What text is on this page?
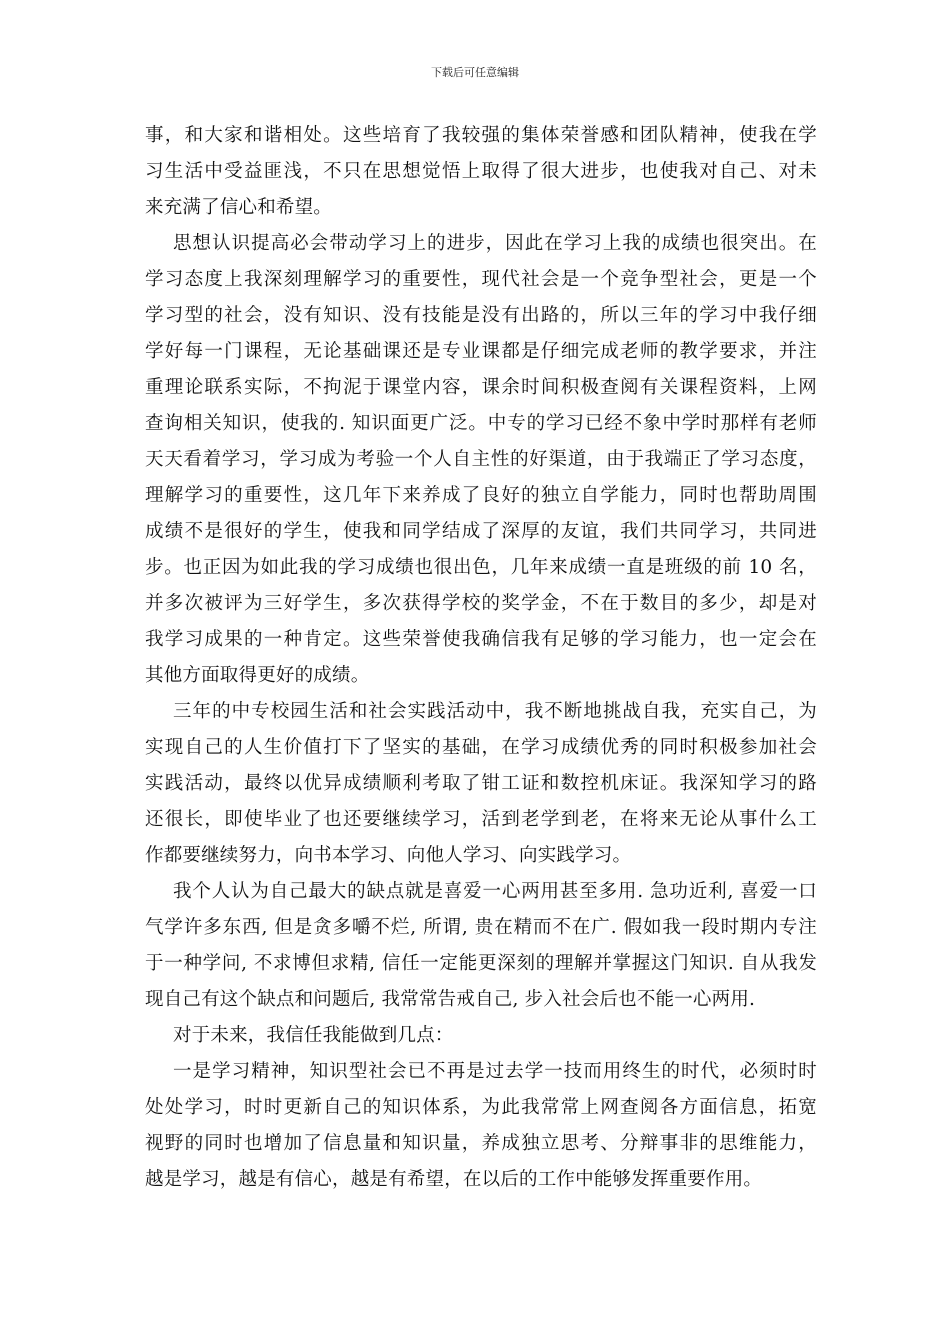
下载后可任意编辑
事，和大家和谐相处。这些培育了我较强的集体荣誉感和团队精神，使我在学
习生活中受益匪浅，不只在思想觉悟上取得了很大进步，也使我对自己、对未
来充满了信心和希望。
思想认识提高必会带动学习上的进步，因此在学习上我的成绩也很突出。在
学习态度上我深刻理解学习的重要性，现代社会是一个竞争型社会，更是一个
学习型的社会，没有知识、没有技能是没有出路的，所以三年的学习中我仔细
学好每一门课程，无论基础课还是专业课都是仔细完成老师的教学要求，并注
重理论联系实际，不拘泥于课堂内容，课余时间积极查阅有关课程资料，上网
查询相关知识，使我的. 知识面更广泛。中专的学习已经不象中学时那样有老师
天天看着学习，学习成为考验一个人自主性的好渠道，由于我端正了学习态度，
理解学习的重要性，这几年下来养成了良好的独立自学能力，同时也帮助周围
成绩不是很好的学生，使我和同学结成了深厚的友谊，我们共同学习，共同进
步。也正因为如此我的学习成绩也很出色，几年来成绩一直是班级的前 10 名，
并多次被评为三好学生，多次获得学校的奖学金，不在于数目的多少，却是对
我学习成果的一种肯定。这些荣誉使我确信我有足够的学习能力，也一定会在
其他方面取得更好的成绩。
三年的中专校园生活和社会实践活动中，我不断地挑战自我，充实自己，为
实现自己的人生价值打下了坚实的基础，在学习成绩优秀的同时积极参加社会
实践活动，最终以优异成绩顺利考取了钳工证和数控机床证。我深知学习的路
还很长，即使毕业了也还要继续学习，活到老学到老，在将来无论从事什么工
作都要继续努力，向书本学习、向他人学习、向实践学习。
我个人认为自己最大的缺点就是喜爱一心两用甚至多用. 急功近利, 喜爱一口
气学许多东西, 但是贪多嚼不烂, 所谓, 贵在精而不在广. 假如我一段时期内专注
于一种学问, 不求博但求精, 信任一定能更深刻的理解并掌握这门知识. 自从我发
现自己有这个缺点和问题后, 我常常告戒自己, 步入社会后也不能一心两用.
对于未来，我信任我能做到几点：
一是学习精神，知识型社会已不再是过去学一技而用终生的时代，必须时时
处处学习，时时更新自己的知识体系，为此我常常上网查阅各方面信息，拓宽
视野的同时也增加了信息量和知识量，养成独立思考、分辩事非的思维能力，
越是学习，越是有信心，越是有希望，在以后的工作中能够发挥重要作用。
